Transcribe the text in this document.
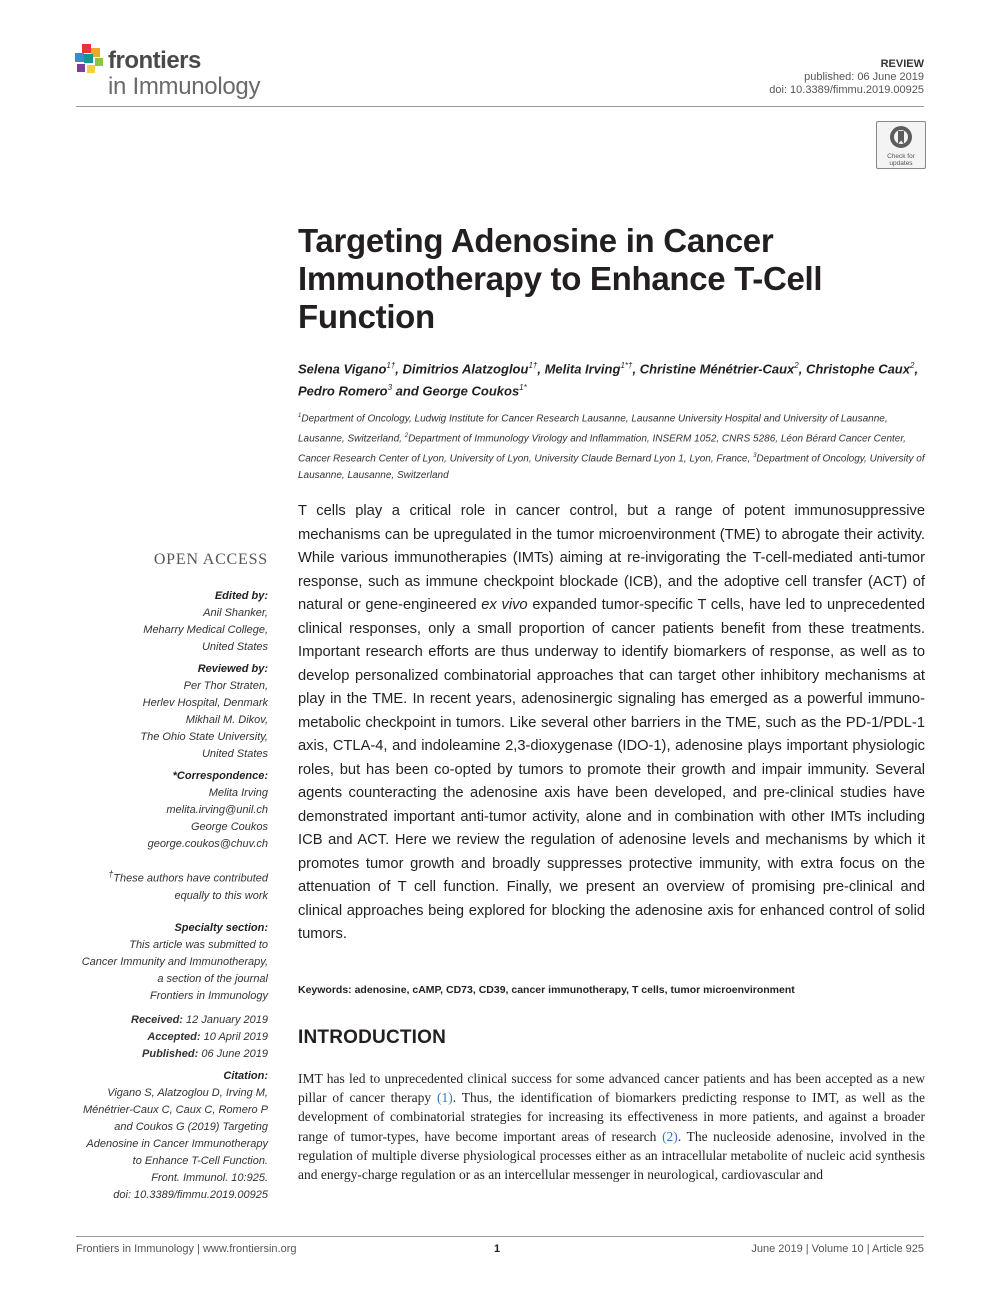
frontiers
in Immunology
REVIEW
published: 06 June 2019
doi: 10.3389/fimmu.2019.00925
Check for updates
Targeting Adenosine in Cancer Immunotherapy to Enhance T-Cell Function
Selena Vigano$^{1\dagger}$, Dimitrios Alatzoglou$^{1\dagger}$, Melita Irving$^{1*\dagger}$, Christine Ménétrier-Caux$^2$, Christophe Caux$^2$, Pedro Romero$^3$ and George Coukos$^{1*}$
$^1$Department of Oncology, Ludwig Institute for Cancer Research Lausanne, Lausanne University Hospital and University of Lausanne, Lausanne, Switzerland, $^2$Department of Immunology Virology and Inflammation, INSERM 1052, CNRS 5286, Léon Bérard Cancer Center, Cancer Research Center of Lyon, University of Lyon, University Claude Bernard Lyon 1, Lyon, France, $^3$Department of Oncology, University of Lausanne, Lausanne, Switzerland
OPEN ACCESS

Edited by:

Anil Shanker,

Meharry Medical College,

United States

Reviewed by:

Per Thor Straten,

Herlev Hospital, Denmark

Mikhail M. Dikov,

The Ohio State University,

United States

*Correspondence:

Melita Irving

melita.irving@unil.ch

George Coukos

george.coukos@chuv.ch

†These authors have contributed

equally to this work

Specialty section:

This article was submitted to

Cancer Immunity and Immunotherapy,

a section of the journal

Frontiers in Immunology

Received: 12 January 2019

Accepted: 10 April 2019

Published: 06 June 2019

Citation:

Vigano S, Alatzoglou D, Irving M,

Ménétrier-Caux C, Caux C, Romero P

and Coukos G (2019) Targeting

Adenosine in Cancer Immunotherapy

to Enhance T-Cell Function.

Front. Immunol. 10:925.

doi: 10.3389/fimmu.2019.00925

T cells play a critical role in cancer control, but a range of potent immunosuppressive mechanisms can be upregulated in the tumor microenvironment (TME) to abrogate their activity. While various immunotherapies (IMTs) aiming at re-invigorating the T-cell-mediated anti-tumor response, such as immune checkpoint blockade (ICB), and the adoptive cell transfer (ACT) of natural or gene-engineered ex vivo expanded tumor-specific T cells, have led to unprecedented clinical responses, only a small proportion of cancer patients benefit from these treatments. Important research efforts are thus underway to identify biomarkers of response, as well as to develop personalized combinatorial approaches that can target other inhibitory mechanisms at play in the TME. In recent years, adenosinergic signaling has emerged as a powerful immuno-metabolic checkpoint in tumors. Like several other barriers in the TME, such as the PD-1/PDL-1 axis, CTLA-4, and indoleamine 2,3-dioxygenase (IDO-1), adenosine plays important physiologic roles, but has been co-opted by tumors to promote their growth and impair immunity. Several agents counteracting the adenosine axis have been developed, and pre-clinical studies have demonstrated important anti-tumor activity, alone and in combination with other IMTs including ICB and ACT. Here we review the regulation of adenosine levels and mechanisms by which it promotes tumor growth and broadly suppresses protective immunity, with extra focus on the attenuation of T cell function. Finally, we present an overview of promising pre-clinical and clinical approaches being explored for blocking the adenosine axis for enhanced control of solid tumors.
Keywords: adenosine, cAMP, CD73, CD39, cancer immunotherapy, T cells, tumor microenvironment
INTRODUCTION
IMT has led to unprecedented clinical success for some advanced cancer patients and has been accepted as a new pillar of cancer therapy (1). Thus, the identification of biomarkers predicting response to IMT, as well as the development of combinatorial strategies for increasing its effectiveness in more patients, and against a broader range of tumor-types, have become important areas of research (2). The nucleoside adenosine, involved in the regulation of multiple diverse physiological processes either as an intracellular metabolite of nucleic acid synthesis and energy-charge regulation or as an intercellular messenger in neurological, cardiovascular and
Frontiers in Immunology | www.frontiersin.org	1	June 2019 | Volume 10 | Article 925
